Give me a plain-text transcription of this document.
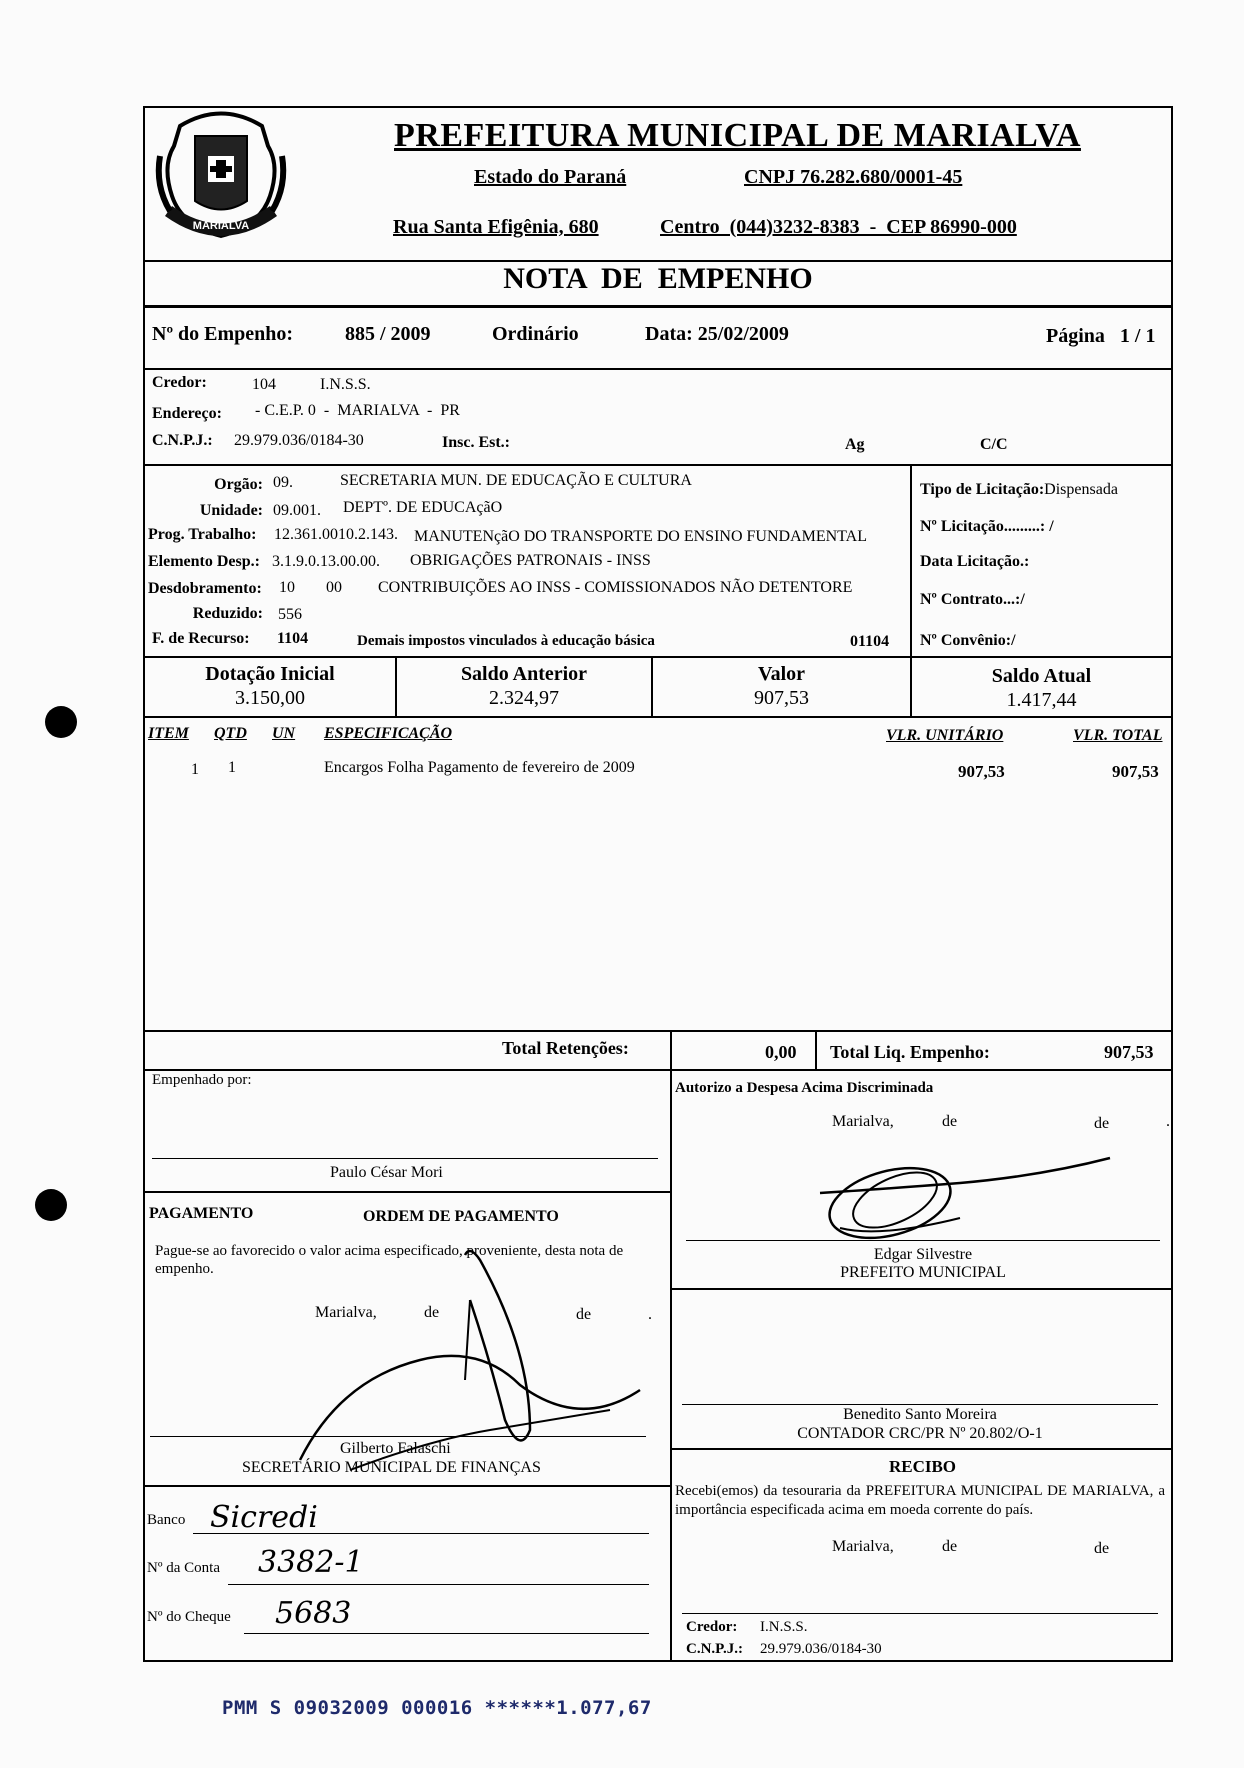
MARIALVA
PREFEITURA MUNICIPAL DE MARIALVA
Estado do Paraná	CNPJ 76.282.680/0001-45
Rua Santa Efigênia, 680	Centro  (044)3232-8383  -  CEP 86990-000
NOTA  DE  EMPENHO
Nº do Empenho:	885 / 2009	Ordinário	Data: 25/02/2009	Página   1 / 1
Credor:	104	I.N.S.S.
Endereço: - C.E.P. 0  -  MARIALVA  -  PR
C.N.P.J.: 29.979.036/0184-30	Insc. Est.:	Ag	C/C
Orgão: 09.	SECRETARIA MUN. DE EDUCAÇÃO E CULTURA
Unidade: 09.001. DEPTº. DE EDUCAçãO
Prog. Trabalho: 12.361.0010.2.143. MANUTENçãO DO TRANSPORTE DO ENSINO FUNDAMENTAL
Elemento Desp.: 3.1.9.0.13.00.00. OBRIGAÇÕES PATRONAIS - INSS
Desdobramento: 10 00 CONTRIBUIÇÕES AO INSS - COMISSIONADOS NÃO DETENTORE
Reduzido: 556
F. de Recurso: 1104	Demais impostos vinculados à educação básica	01104
Tipo de Licitação:Dispensada
Nº Licitação.........: /
Data Licitação.:
Nº Contrato...:/
Nº Convênio:/
Dotação Inicial
3.150,00
Saldo Anterior
2.324,97
Valor
907,53
Saldo Atual
1.417,44
ITEM QTD UN ESPECIFICAÇÃO	VLR. UNITÁRIO	VLR. TOTAL
1 1	Encargos Folha Pagamento de fevereiro de 2009	907,53	907,53
Total Retenções:	0,00 Total Liq. Empenho:	907,53
Empenhado por:
Paulo César Mori
PAGAMENTO	ORDEM DE PAGAMENTO
Pague-se ao favorecido o valor acima especificado, proveniente, desta nota de empenho.
Marialva,	de	de	.
Gilberto Falaschi
SECRETÁRIO MUNICIPAL DE FINANÇAS
Banco Sicredi
Nº da Conta 3382-1
Nº do Cheque 5683
Autorizo a Despesa Acima Discriminada
Marialva,	de	de	.
Edgar Silvestre
PREFEITO MUNICIPAL
Benedito Santo Moreira
CONTADOR CRC/PR Nº 20.802/O-1
RECIBO
Recebi(emos) da tesouraria da PREFEITURA MUNICIPAL DE MARIALVA, a importância especificada acima em moeda corrente do país.
Marialva,	de	de
Credor: I.N.S.S.
C.N.P.J.: 29.979.036/0184-30
PMM S 09032009 000016 ******1.077,67
